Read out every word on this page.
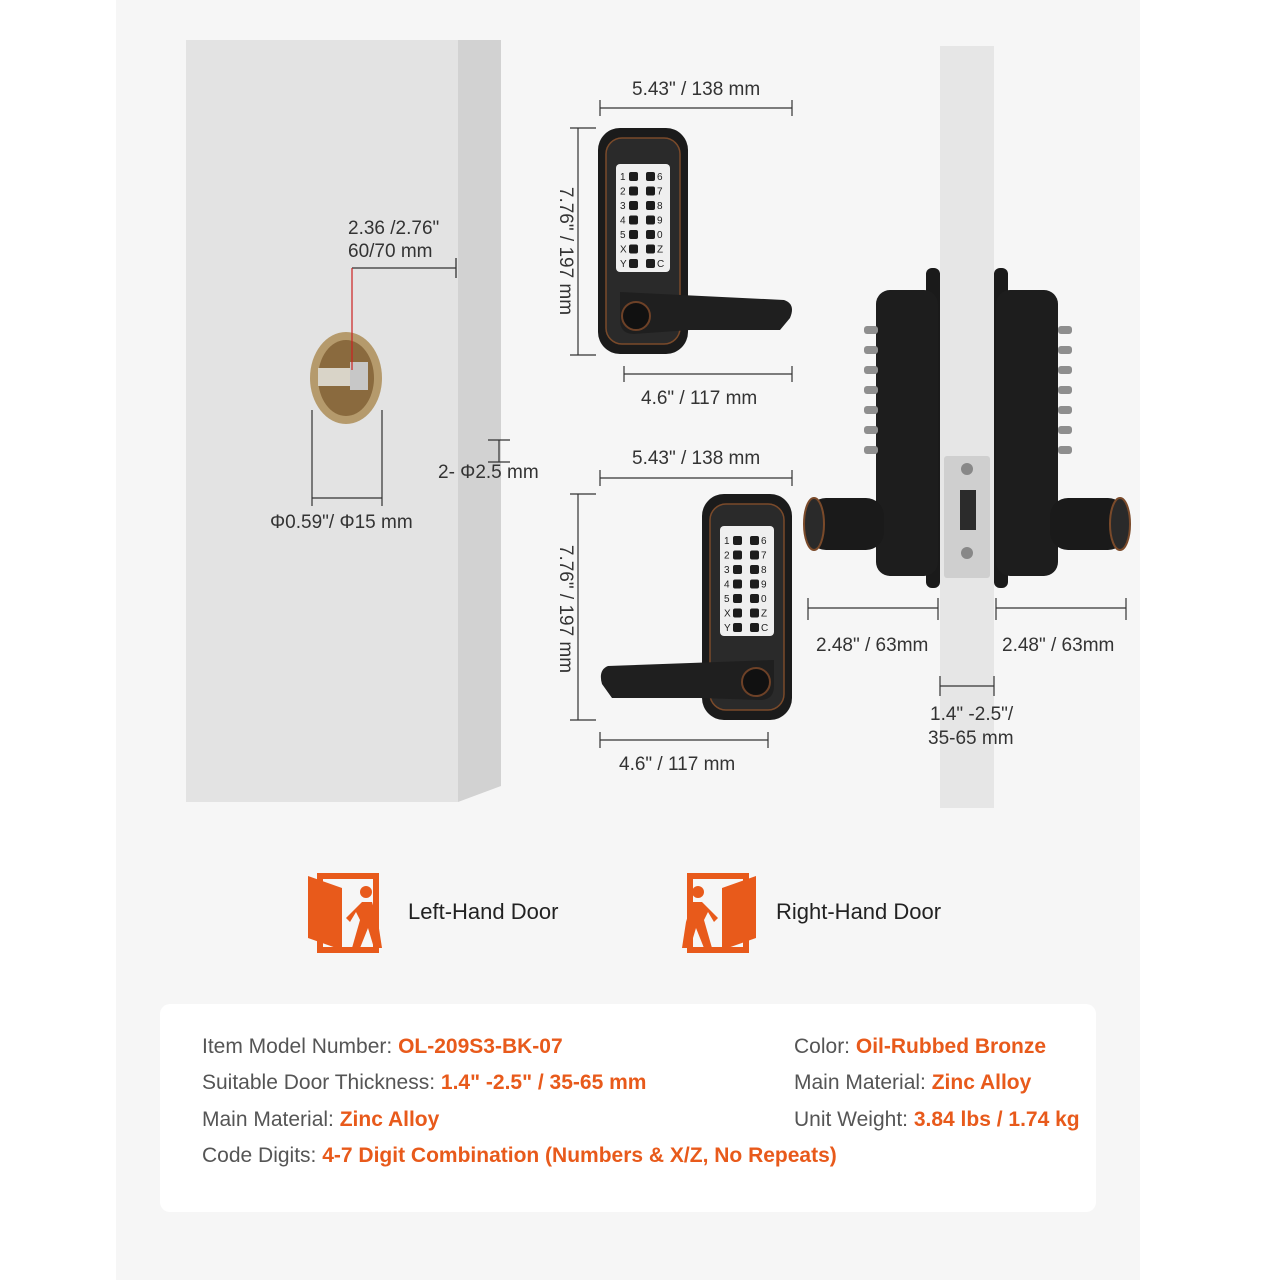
1	6
2	7
3	8
4	9
5	0
X	Z
Y	C
1	6
2	7
3	8
4	9
5	0
X	Z
Y	C
2.36 /2.76"
60/70 mm
Φ0.59"/ Φ15 mm
2- Φ2.5 mm
5.43" / 138 mm
7.76" / 197 mm
4.6" / 117 mm
5.43" / 138 mm
7.76" / 197 mm
4.6" / 117 mm
2.48" / 63mm	2.48" / 63mm
1.4" -2.5"/
35-65 mm
Left-Hand Door	Right-Hand Door
Item Model Number: OL-209S3-BK-07
Suitable Door Thickness: 1.4" -2.5" / 35-65 mm
Main Material: Zinc Alloy
Code Digits: 4-7 Digit Combination (Numbers & X/Z, No Repeats)
Color: Oil-Rubbed Bronze
Main Material: Zinc Alloy
Unit Weight: 3.84 lbs / 1.74 kg
